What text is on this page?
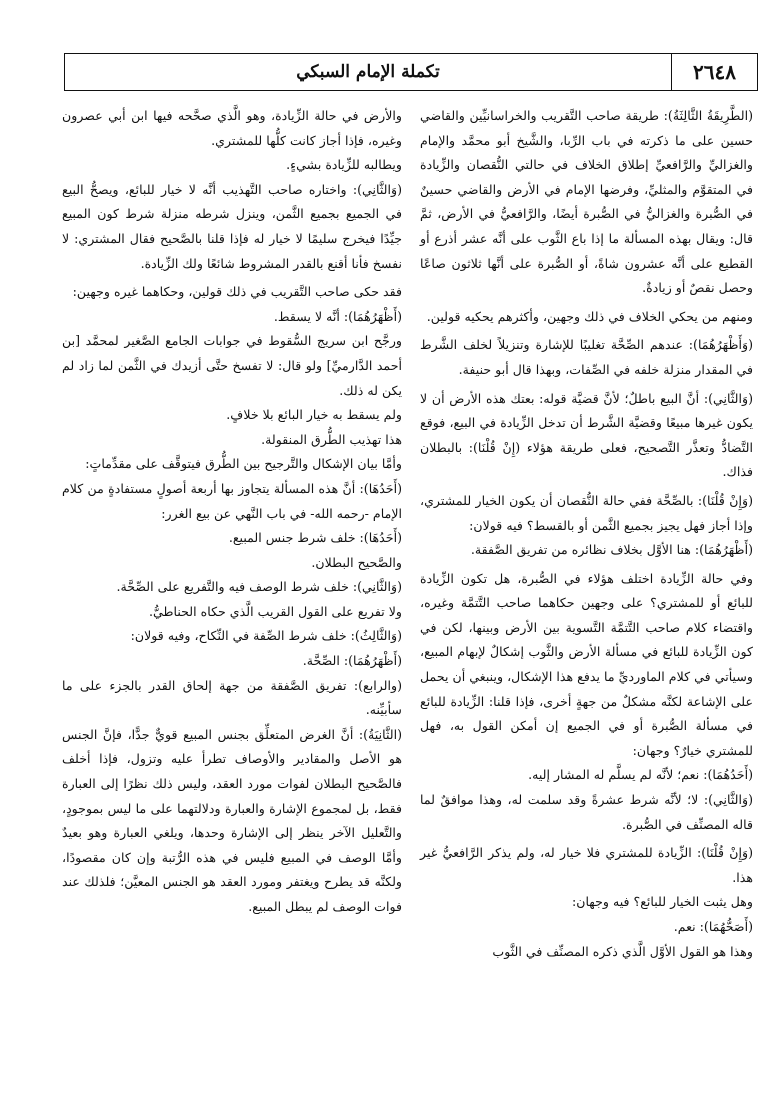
٢٦٤٨
تكملة الإمام السبكي

(الطَّرِيقَةُ الثَّالِثَةُ): طريقة صاحب التَّقريب والخراسانيِّين والقاضي حسين على ما ذكرته في باب الرِّبا، والشَّيخ أبو محمَّد والإمام والغزاليِّ والرَّافعيِّ إطلاق الخلاف في حالتي النُّقصان والزِّيادة في المتقوَّم والمثليِّ، وفرضها الإمام في الأرض والقاضي حسينٌ في الصُّبرة والغزاليُّ في الصُّبرة أيضًا، والرَّافعيُّ في الأرض، ثمَّ قال: ويقال بهذه المسألة ما إذا باع الثَّوب على أنَّه عشر أذرع أو القطيع على أنَّه عشرون شاةً، أو الصُّبرة على أنَّها ثلاثون صاعًا وحصل نقصٌ أو زيادةٌ.

ومنهم من يحكي الخلاف في ذلك وجهين، وأكثرهم يحكيه قولين.

(وَأَظْهَرُهُمَا): عندهم الصِّحَّة تغليبًا للإشارة وتنزيلاً لخلف الشَّرط في المقدار منزلة خلفه في الصِّفات، وبهذا قال أبو حنيفة.

(وَالثَّانِي): أنَّ البيع باطلٌ؛ لأنَّ قضيَّة قوله: بعتك هذه الأرض أن لا يكون غيرها مبيعًا وقضيَّة الشَّرط أن تدخل الزِّيادة في البيع، فوقع التَّضادُّ وتعذَّر التَّصحيح، فعلى طريقة هؤلاء (إِنْ قُلْنَا): بالبطلان فذاك.

(وَإِنْ قُلْنَا): بالصِّحَّة ففي حالة النُّقصان أن يكون الخيار للمشتري، وإذا أجاز فهل يجيز بجميع الثَّمن أو بالقسط؟ فيه قولان:

(أَظْهَرُهُمَا): هنا الأوَّل بخلاف نظائره من تفريق الصَّفقة.

وفي حالة الزِّيادة اختلف هؤلاء في الصُّبرة، هل تكون الزِّيادة للبائع أو للمشتري؟ على وجهين حكاهما صاحب التَّتمَّة وغيره، واقتضاء كلام صاحب التَّتمَّة التَّسوية بين الأرض وبينها، لكن في كون الزِّيادة للبائع في مسألة الأرض والثَّوب إشكالٌ لإبهام المبيع، وسيأتي في كلام الماورديِّ ما يدفع هذا الإشكال، وينبغي أن يحمل على الإشاعة لكنَّه مشكلٌ من جهةٍ أخرى، فإذا قلنا: الزِّيادة للبائع في مسألة الصُّبرة أو في الجميع إن أمكن القول به، فهل للمشتري خيارٌ؟ وجهان:

(أَحَدُهُمَا): نعم؛ لأنَّه لم يسلَّم له المشار إليه.

(وَالثَّانِي): لا؛ لأنَّه شرط عشرةً وقد سلمت له، وهذا موافقٌ لما قاله المصنِّف في الصُّبرة.

(وَإِنْ قُلْنَا): الزِّيادة للمشتري فلا خيار له، ولم يذكر الرَّافعيُّ غير هذا.

وهل يثبت الخيار للبائع؟ فيه وجهان:

(أَصَحُّهُمَا): نعم.

وهذا هو القول الأوَّل الَّذي ذكره المصنِّف في الثَّوب

والأرض في حالة الزِّيادة، وهو الَّذي صحَّحه فيها ابن أبي عصرون وغيره، فإذا أجاز كانت كلُّها للمشتري.

ويطالبه للزِّيادة بشيءٍ.

(وَالثَّانِي): واختاره صاحب التَّهذيب أنَّه لا خيار للبائع، ويصحُّ البيع في الجميع بجميع الثَّمن، وينزل شرطه منزلة شرط كون المبيع جيِّدًا فيخرج سليمًا لا خيار له فإذا قلنا بالصَّحيح فقال المشتري: لا نفسخ فأنا أقنع بالقدر المشروط شائعًا ولك الزِّيادة.

فقد حكى صاحب التَّقريب في ذلك قولين، وحكاهما غيره وجهين:

(أَظْهَرُهُمَا): أنَّه لا يسقط.

ورجَّح ابن سريج السُّقوط في جوابات الجامع الصَّغير لمحمَّد [بن أحمد الدَّارميِّ] ولو قال: لا تفسخ حتَّى أزيدك في الثَّمن لما زاد لم يكن له ذلك.

ولم يسقط به خيار البائع بلا خلافٍ.

هذا تهذيب الطُّرق المنقولة.

وأمَّا بيان الإشكال والتَّرجيح بين الطُّرق فيتوقَّف على مقدِّماتٍ:

(أَحَدُهَا): أنَّ هذه المسألة يتجاوز بها أربعة أصولٍ مستفادةٍ من كلام الإمام -رحمه الله- في باب النَّهي عن بيع الغرر:

(أَحَدُهَا): خلف شرط جنس المبيع.

والصَّحيح البطلان.

(وَالثَّانِي): خلف شرط الوصف فيه والتَّفريع على الصِّحَّة.

ولا تفريع على القول القريب الَّذي حكاه الحناطيُّ.

(وَالثَّالِثُ): خلف شرط الصِّفة في النِّكاح، وفيه قولان:

(أَظْهَرُهُمَا): الصِّحَّة.

(والرابع): تفريق الصَّفقة من جهة إلحاق القدر بالجزء على ما سأبيِّنه.

(الثَّانِيَةُ): أنَّ الغرض المتعلِّق بجنس المبيع قويٌّ جدًّا، فإنَّ الجنس هو الأصل والمقادير والأوصاف تطرأ عليه وتزول، فإذا أخلف فالصَّحيح البطلان لفوات مورد العقد، وليس ذلك نظرًا إلى العبارة فقط، بل لمجموع الإشارة والعبارة ودلالتهما على ما ليس بموجودٍ، والتَّعليل الآخر ينظر إلى الإشارة وحدها، ويلغي العبارة وهو بعيدٌ وأمَّا الوصف في المبيع فليس في هذه الرُّتبة وإن كان مقصودًا، ولكنَّه قد يطرح ويغتفر ومورد العقد هو الجنس المعيَّن؛ فلذلك عند فوات الوصف لم يبطل المبيع.
